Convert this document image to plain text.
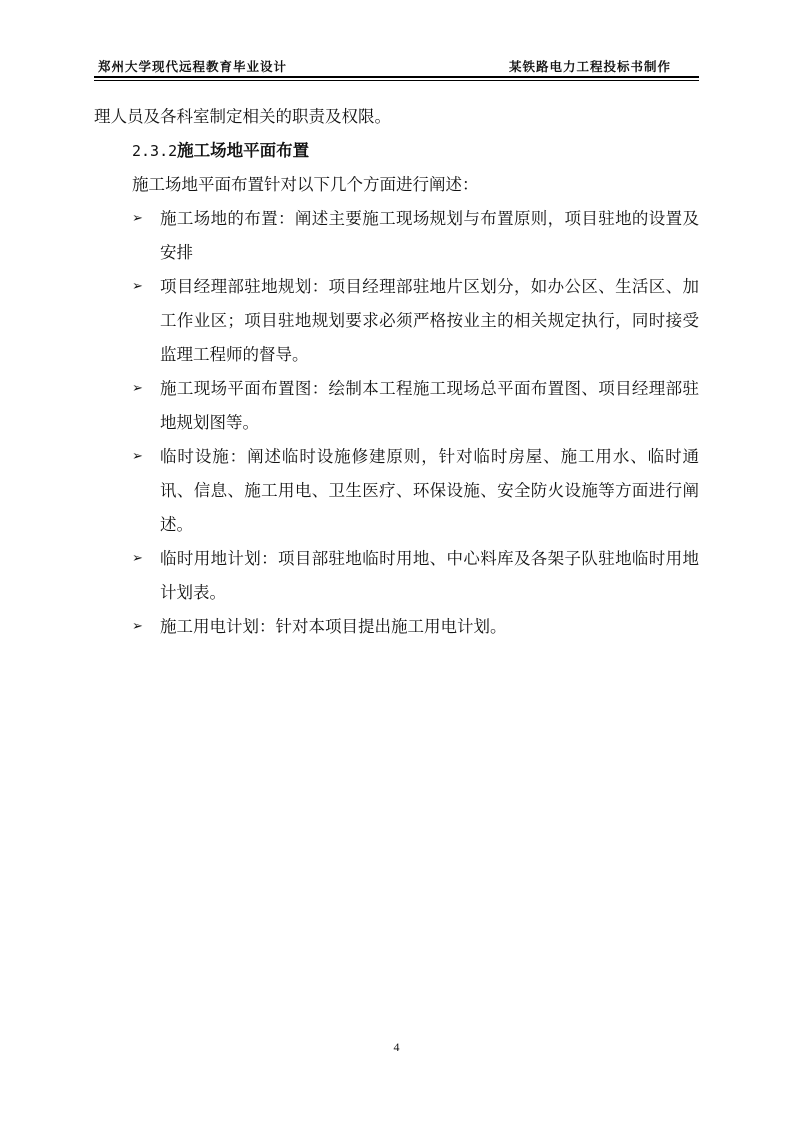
郑州大学现代远程教育毕业设计	某铁路电力工程投标书制作

理人员及各科室制定相关的职责及权限。

2.3.2施工场地平面布置

施工场地平面布置针对以下几个方面进行阐述：

➢	施工场地的布置：阐述主要施工现场规划与布置原则，项目驻地的设置及安排
➢	项目经理部驻地规划：项目经理部驻地片区划分，如办公区、生活区、加工作业区；项目驻地规划要求必须严格按业主的相关规定执行，同时接受监理工程师的督导。
➢	施工现场平面布置图：绘制本工程施工现场总平面布置图、项目经理部驻地规划图等。
➢	临时设施：阐述临时设施修建原则，针对临时房屋、施工用水、临时通讯、信息、施工用电、卫生医疗、环保设施、安全防火设施等方面进行阐述。
➢	临时用地计划：项目部驻地临时用地、中心料库及各架子队驻地临时用地计划表。
➢	施工用电计划：针对本项目提出施工用电计划。
4
